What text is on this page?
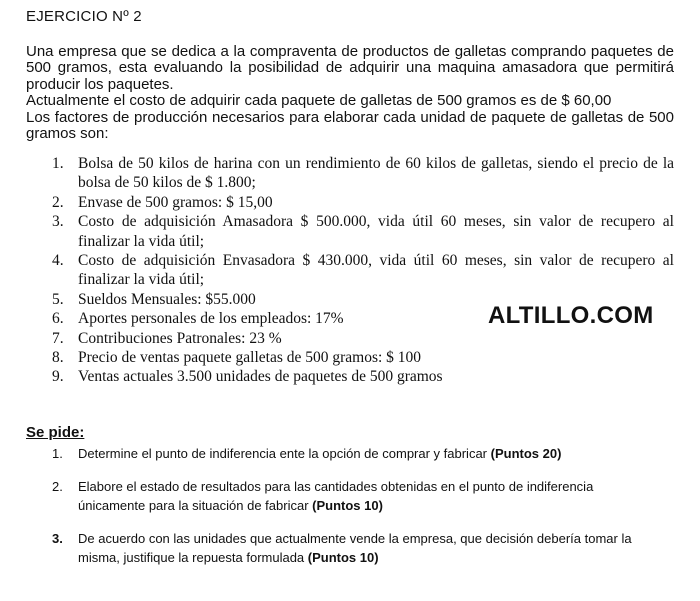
EJERCICIO Nº 2

Una empresa que se dedica a la compraventa de productos de galletas comprando paquetes de 500 gramos, esta evaluando la posibilidad de adquirir una maquina amasadora que permitirá producir los paquetes.

Actualmente el costo de adquirir cada paquete de galletas de 500 gramos es de $ 60,00

Los factores de producción necesarios para elaborar cada unidad de paquete de galletas de 500 gramos son:

1. Bolsa de 50 kilos de harina con un rendimiento de 60 kilos de galletas, siendo el precio de la bolsa de 50 kilos de $ 1.800;
2. Envase de 500 gramos: $ 15,00
3. Costo de adquisición Amasadora $ 500.000, vida útil 60 meses, sin valor de recupero al finalizar la vida útil;
4. Costo de adquisición Envasadora $ 430.000, vida útil 60 meses, sin valor de recupero al finalizar la vida útil;
5. Sueldos Mensuales: $55.000
6. Aportes personales de los empleados: 17%
7. Contribuciones Patronales: 23 %
8. Precio de ventas paquete galletas de 500 gramos: $ 100
9. Ventas actuales 3.500 unidades de paquetes de 500 gramos
ALTILLO.COM
Se pide:
1.	Determine el punto de indiferencia ente la opción de comprar y fabricar (Puntos 20)
2.	Elabore el estado de resultados para las cantidades obtenidas en el punto de indiferencia únicamente para la situación de fabricar (Puntos 10)
3.	De acuerdo con las unidades que actualmente vende la empresa, que decisión debería tomar la misma, justifique la repuesta formulada (Puntos 10)
